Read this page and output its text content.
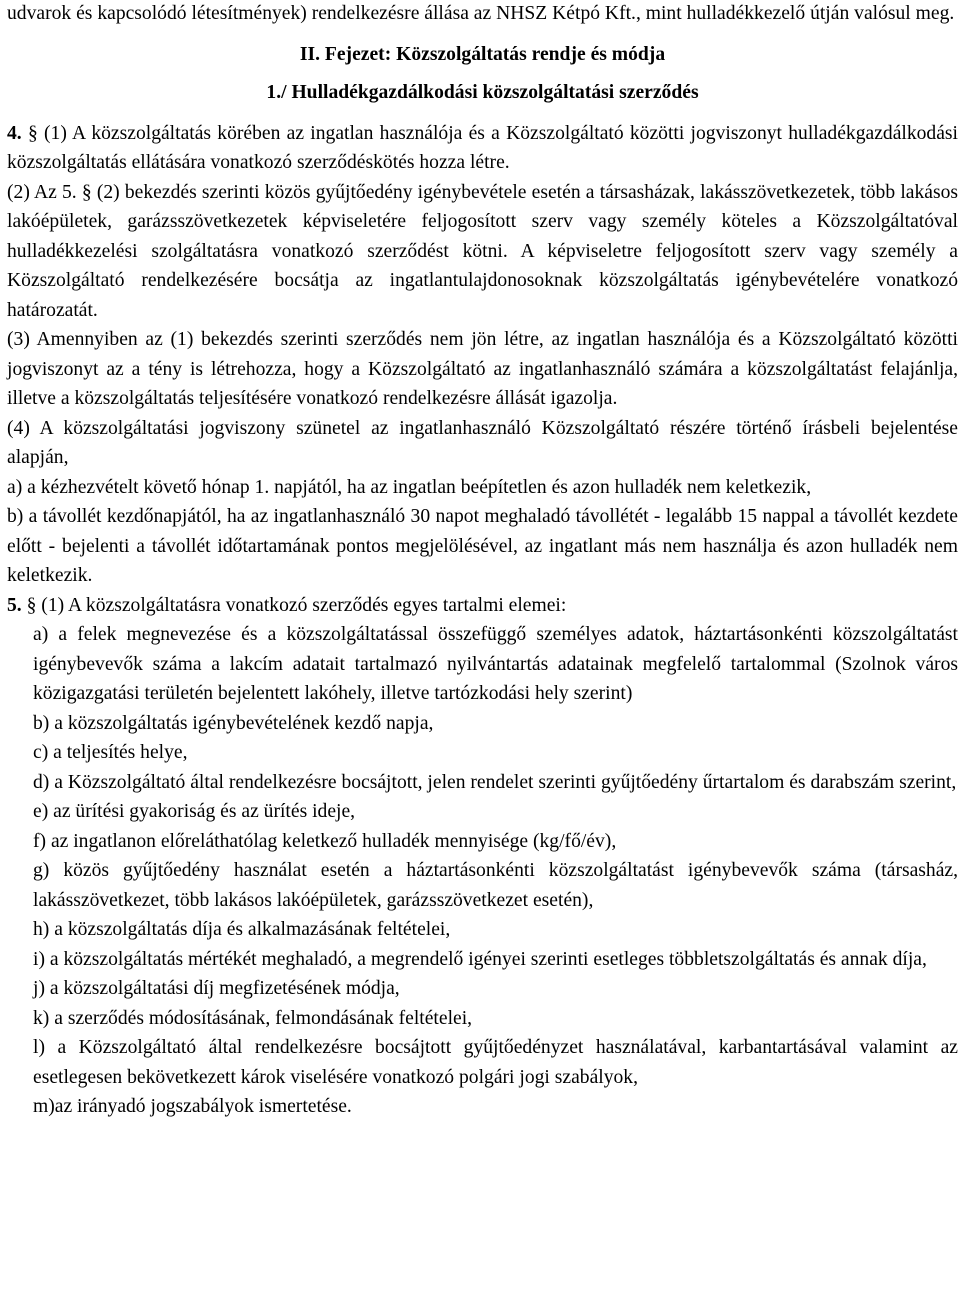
udvarok és kapcsolódó létesítmények) rendelkezésre állása az NHSZ Kétpó Kft., mint hulladékkezelő útján valósul meg.

II. Fejezet: Közszolgáltatás rendje és módja

1./ Hulladékgazdálkodási közszolgáltatási szerződés

4. § (1) A közszolgáltatás körében az ingatlan használója és a Közszolgáltató közötti jogviszonyt hulladékgazdálkodási közszolgáltatás ellátására vonatkozó szerződéskötés hozza létre.

(2) Az 5. § (2) bekezdés szerinti közös gyűjtőedény igénybevétele esetén a társasházak, lakásszövetkezetek, több lakásos lakóépületek, garázsszövetkezetek képviseletére feljogosított szerv vagy személy köteles a Közszolgáltatóval hulladékkezelési szolgáltatásra vonatkozó szerződést kötni. A képviseletre feljogosított szerv vagy személy a Közszolgáltató rendelkezésére bocsátja az ingatlantulajdonosoknak közszolgáltatás igénybevételére vonatkozó határozatát.

(3) Amennyiben az (1) bekezdés szerinti szerződés nem jön létre, az ingatlan használója és a Közszolgáltató közötti jogviszonyt az a tény is létrehozza, hogy a Közszolgáltató az ingatlanhasználó számára a közszolgáltatást felajánlja, illetve a közszolgáltatás teljesítésére vonatkozó rendelkezésre állását igazolja.

(4) A közszolgáltatási jogviszony szünetel az ingatlanhasználó Közszolgáltató részére történő írásbeli bejelentése alapján,

a) a kézhezvételt követő hónap 1. napjától, ha az ingatlan beépítetlen és azon hulladék nem keletkezik,

b) a távollét kezdőnapjától, ha az ingatlanhasználó 30 napot meghaladó távollétét - legalább 15 nappal a távollét kezdete előtt - bejelenti a távollét időtartamának pontos megjelölésével, az ingatlant más nem használja és azon hulladék nem keletkezik.

5. § (1) A közszolgáltatásra vonatkozó szerződés egyes tartalmi elemei:

a) a felek megnevezése és a közszolgáltatással összefüggő személyes adatok, háztartásonkénti közszolgáltatást igénybevevők száma a lakcím adatait tartalmazó nyilvántartás adatainak megfelelő tartalommal (Szolnok város közigazgatási területén bejelentett lakóhely, illetve tartózkodási hely szerint)

b) a közszolgáltatás igénybevételének kezdő napja,

c) a teljesítés helye,

d) a Közszolgáltató által rendelkezésre bocsájtott, jelen rendelet szerinti gyűjtőedény űrtartalom és darabszám szerint,

e) az ürítési gyakoriság és az ürítés ideje,

f) az ingatlanon előreláthatólag keletkező hulladék mennyisége (kg/fő/év),

g) közös gyűjtőedény használat esetén a háztartásonkénti közszolgáltatást igénybevevők száma (társasház, lakásszövetkezet, több lakásos lakóépületek, garázsszövetkezet esetén),

h) a közszolgáltatás díja és alkalmazásának feltételei,

i) a közszolgáltatás mértékét meghaladó, a megrendelő igényei szerinti esetleges többletszolgáltatás és annak díja,

j) a közszolgáltatási díj megfizetésének módja,

k) a szerződés módosításának, felmondásának feltételei,

l) a Közszolgáltató által rendelkezésre bocsájtott gyűjtőedényzet használatával, karbantartásával valamint az esetlegesen bekövetkezett károk viselésére vonatkozó polgári jogi szabályok,

m)az irányadó jogszabályok ismertetése.
